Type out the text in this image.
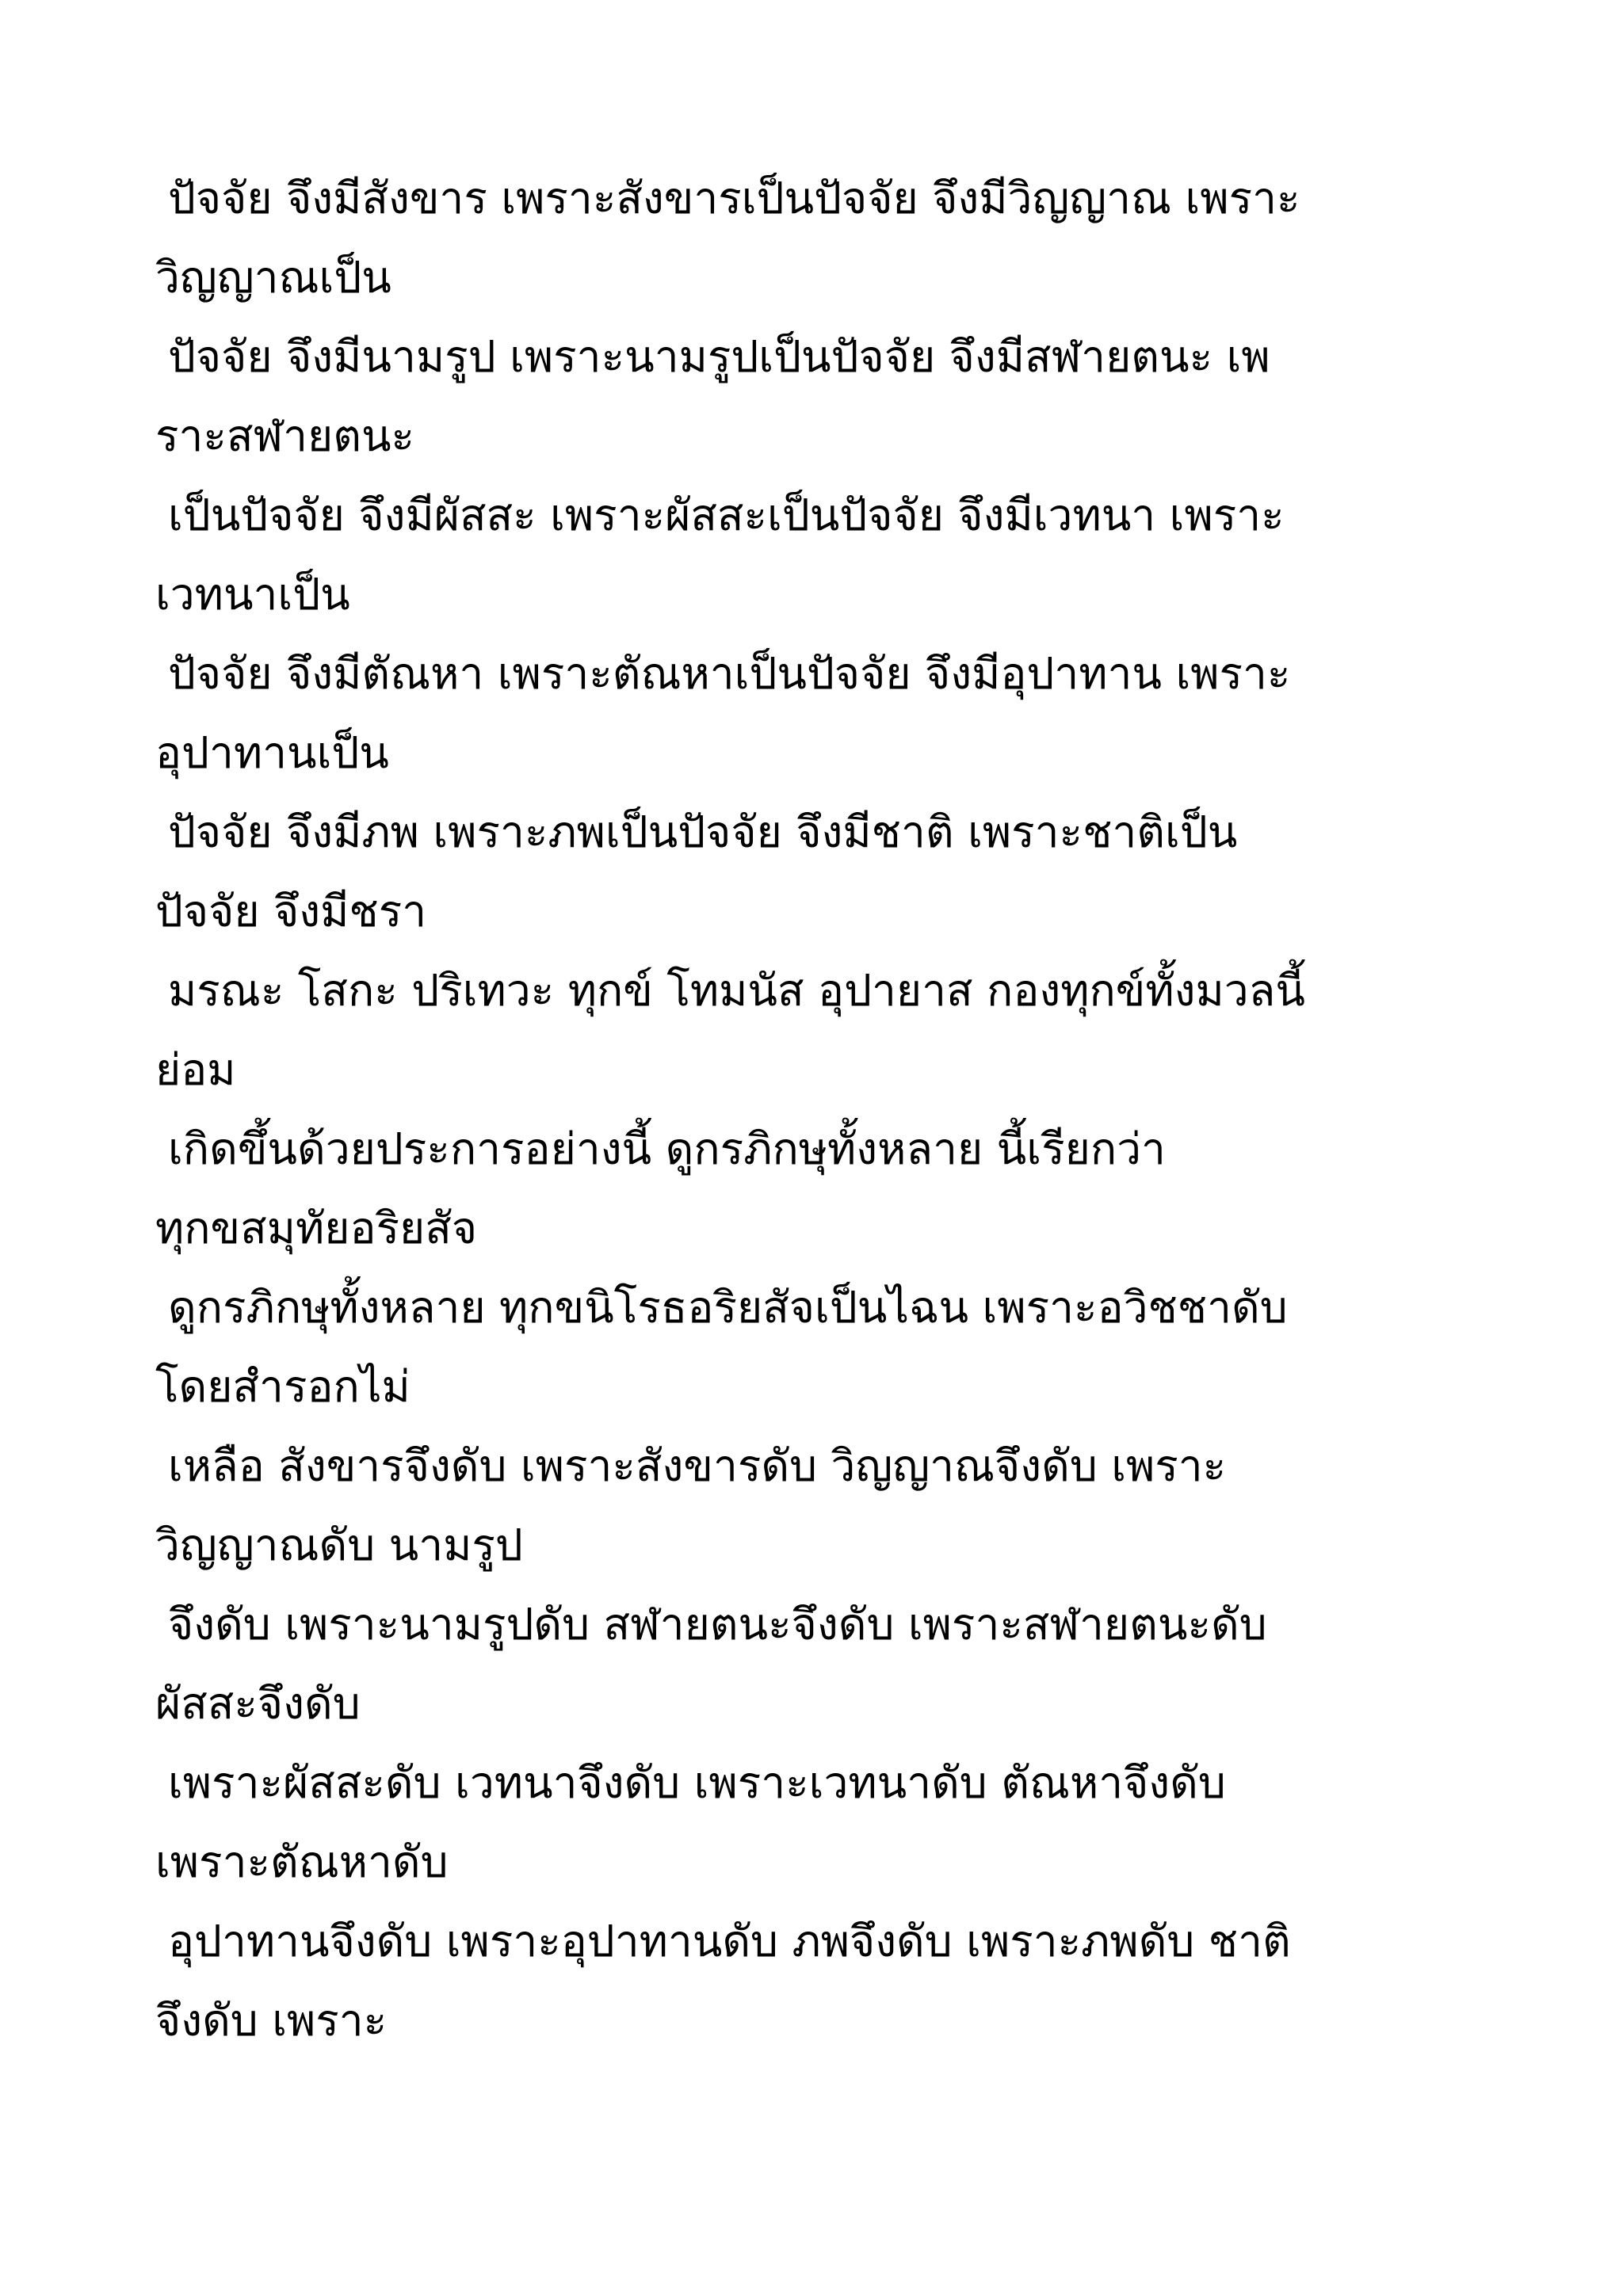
ปัจจัย จึงมีสังขาร เพราะสังขารเป็นปัจจัย จึงมีวิญญาณ เพราะ
วิญญาณเป็น
ปัจจัย จึงมีนามรูป เพราะนามรูปเป็นปัจจัย จึงมีสฬายตนะ เพ
ราะสฬายตนะ
เป็นปัจจัย จึงมีผัสสะ เพราะผัสสะเป็นปัจจัย จึงมีเวทนา เพราะ
เวทนาเป็น
ปัจจัย จึงมีตัณหา เพราะตัณหาเป็นปัจจัย จึงมีอุปาทาน เพราะ
อุปาทานเป็น
ปัจจัย จึงมีภพ เพราะภพเป็นปัจจัย จึงมีชาติ เพราะชาติเป็น
ปัจจัย จึงมีชรา
มรณะ โสกะ ปริเทวะ ทุกข์ โทมนัส อุปายาส กองทุกข์ทั้งมวลนี้
ย่อม
เกิดขึ้นด้วยประการอย่างนี้ ดูกรภิกษุทั้งหลาย นี้เรียกว่า
ทุกขสมุทัยอริยสัจ
ดูกรภิกษุทั้งหลาย ทุกขนิโรธอริยสัจเป็นไฉน เพราะอวิชชาดับ
โดยสำรอกไม่
เหลือ สังขารจึงดับ เพราะสังขารดับ วิญญาณจึงดับ เพราะ
วิญญาณดับ นามรูป
จึงดับ เพราะนามรูปดับ สฬายตนะจึงดับ เพราะสฬายตนะดับ
ผัสสะจึงดับ
เพราะผัสสะดับ เวทนาจึงดับ เพราะเวทนาดับ ตัณหาจึงดับ
เพราะตัณหาดับ
อุปาทานจึงดับ เพราะอุปาทานดับ ภพจึงดับ เพราะภพดับ ชาติ
จึงดับ เพราะ
